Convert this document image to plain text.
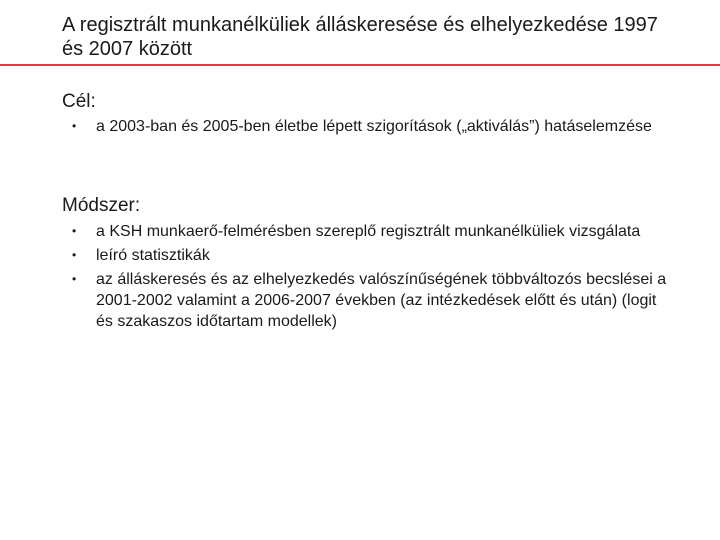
A regisztrált munkanélküliek álláskeresése és elhelyezkedése 1997 és 2007 között
Cél:
• a 2003-ban és 2005-ben életbe lépett szigorítások („aktiválás”) hatáselemzése
Módszer:
• a KSH munkaerő-felmérésben szereplő regisztrált munkanélküliek vizsgálata
• leíró statisztikák
• az álláskeresés és az elhelyezkedés valószínűségének többváltozós becslései a 2001-2002 valamint a 2006-2007 években (az intézkedések előtt és után) (logit és szakaszos időtartam modellek)
